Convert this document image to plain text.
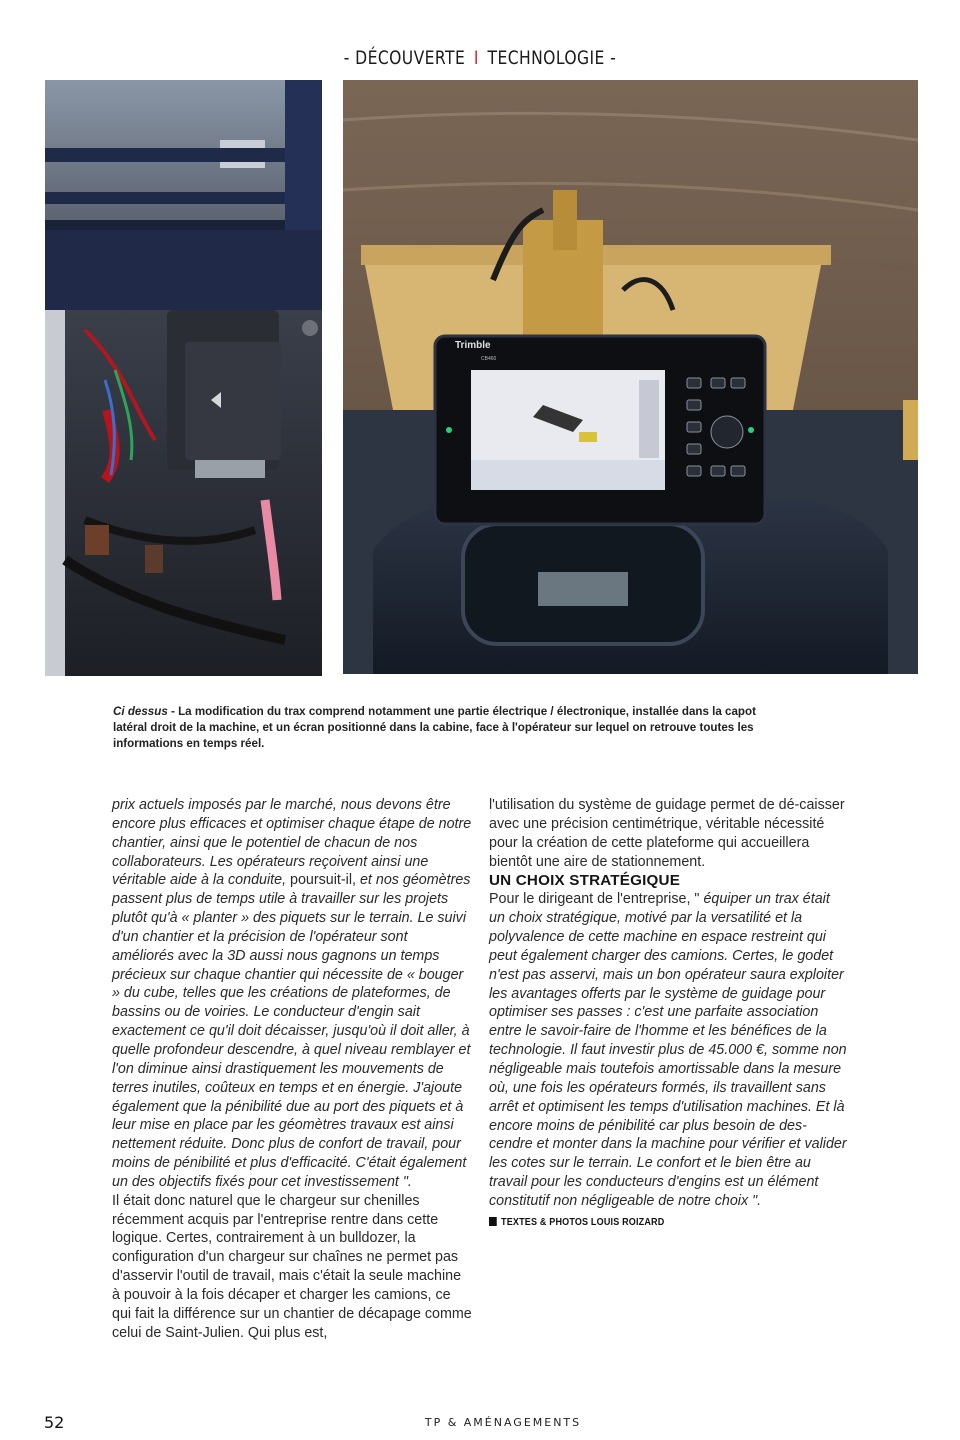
- DÉCOUVERTE I TECHNOLOGIE -
Trimble
CB460
Ci dessus - La modification du trax comprend notamment une partie électrique / électronique, installée dans la capot latéral droit de la machine, et un écran positionné dans la cabine, face à l'opérateur sur lequel on retrouve toutes les informations en temps réel.

prix actuels imposés par le marché, nous devons être encore plus efficaces et optimiser chaque étape de notre chantier, ainsi que le potentiel de chacun de nos collaborateurs. Les opérateurs reçoivent ainsi une véritable aide à la conduite, poursuit-il, et nos géomètres passent plus de temps utile à travailler sur les projets plutôt qu'à « planter » des piquets sur le terrain. Le suivi d'un chantier et la précision de l'opérateur sont améliorés avec la 3D aussi nous gagnons un temps précieux sur chaque chantier qui nécessite de « bouger » du cube, telles que les créations de plateformes, de bassins ou de voiries. Le conducteur d'engin sait exactement ce qu'il doit décaisser, jusqu'où il doit aller, à quelle profondeur descendre, à quel niveau remblayer et l'on diminue ainsi drastiquement les mouvements de terres inutiles, coûteux en temps et en énergie. J'ajoute également que la pénibilité due au port des piquets et à leur mise en place par les géomètres travaux est ainsi nettement réduite. Donc plus de confort de travail, pour moins de pénibilité et plus d'efficacité. C'était également un des objectifs fixés pour cet investissement ".

Il était donc naturel que le chargeur sur chenilles récemment acquis par l'entreprise rentre dans cette logique. Certes, contrairement à un bulldozer, la configuration d'un chargeur sur chaînes ne permet pas d'asservir l'outil de travail, mais c'était la seule machine à pouvoir à la fois décaper et charger les camions, ce qui fait la différence sur un chantier de décapage comme celui de Saint-Julien. Qui plus est,

l'utilisation du système de guidage permet de dé-caisser avec une précision centimétrique, véritable nécessité pour la création de cette plateforme qui accueillera bientôt une aire de stationnement.

UN CHOIX STRATÉGIQUE

Pour le dirigeant de l'entreprise, " équiper un trax était un choix stratégique, motivé par la versatilité et la polyvalence de cette machine en espace restreint qui peut également charger des camions. Certes, le godet n'est pas asservi, mais un bon opérateur saura exploiter les avantages offerts par le système de guidage pour optimiser ses passes : c'est une parfaite association entre le savoir-faire de l'homme et les bénéfices de la technologie. Il faut investir plus de 45.000 €, somme non négligeable mais toutefois amortissable dans la mesure où, une fois les opérateurs formés, ils travaillent sans arrêt et optimisent les temps d'utilisation machines. Et là encore moins de pénibilité car plus besoin de des-cendre et monter dans la machine pour vérifier et valider les cotes sur le terrain. Le confort et le bien être au travail pour les conducteurs d'engins est un élément constitutif non négligeable de notre choix ".

TEXTES & PHOTOS LOUIS ROIZARD
52	TP & AMÉNAGEMENTS
